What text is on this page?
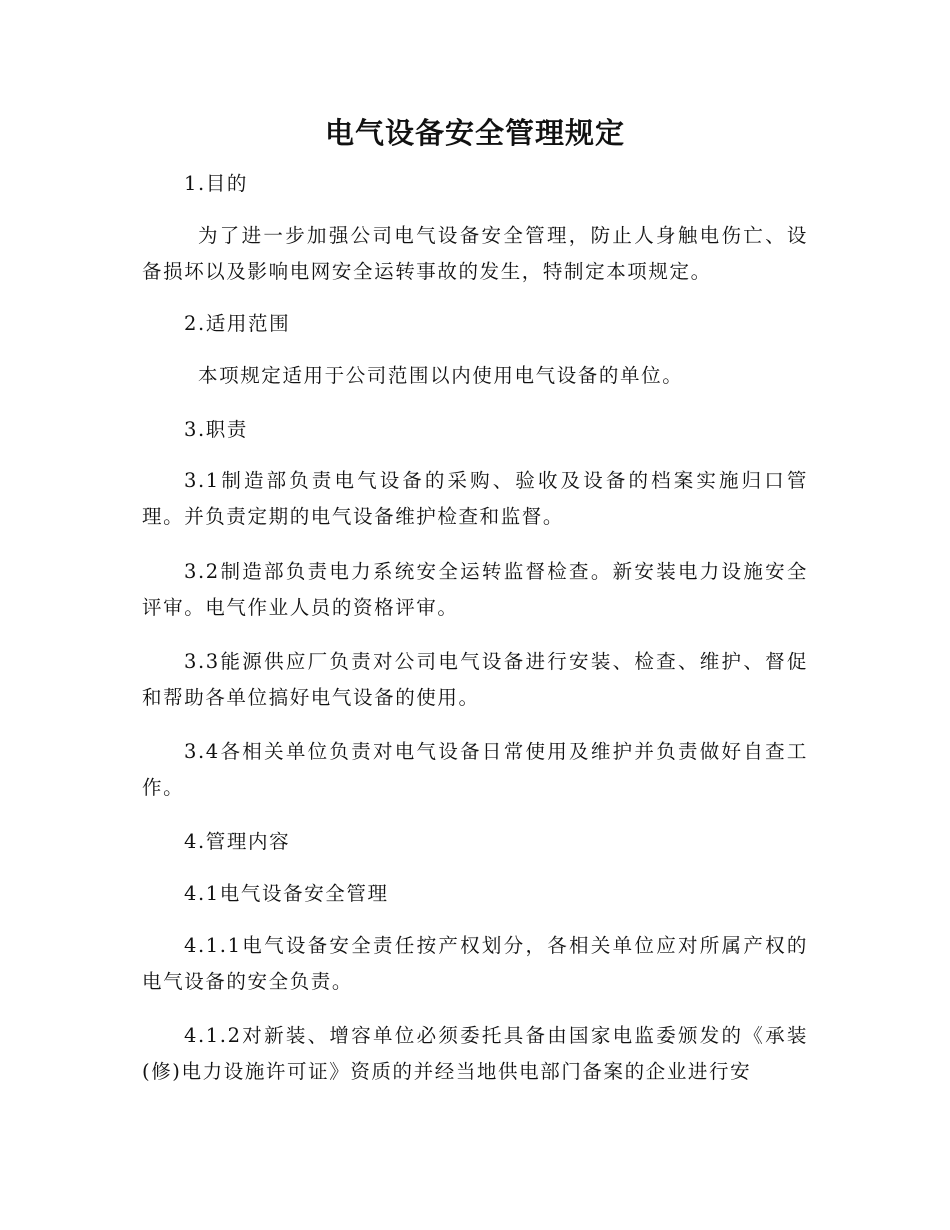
电气设备安全管理规定

1.目的

为了进一步加强公司电气设备安全管理，防止人身触电伤亡、设备损坏以及影响电网安全运转事故的发生，特制定本项规定。

2.适用范围

本项规定适用于公司范围以内使用电气设备的单位。

3.职责

3.1制造部负责电气设备的采购、验收及设备的档案实施归口管理。并负责定期的电气设备维护检查和监督。

3.2制造部负责电力系统安全运转监督检查。新安装电力设施安全评审。电气作业人员的资格评审。

3.3能源供应厂负责对公司电气设备进行安装、检查、维护、督促和帮助各单位搞好电气设备的使用。

3.4各相关单位负责对电气设备日常使用及维护并负责做好自查工作。

4.管理内容

4.1电气设备安全管理

4.1.1电气设备安全责任按产权划分，各相关单位应对所属产权的电气设备的安全负责。

4.1.2对新装、增容单位必须委托具备由国家电监委颁发的《承装(修)电力设施许可证》资质的并经当地供电部门备案的企业进行安
